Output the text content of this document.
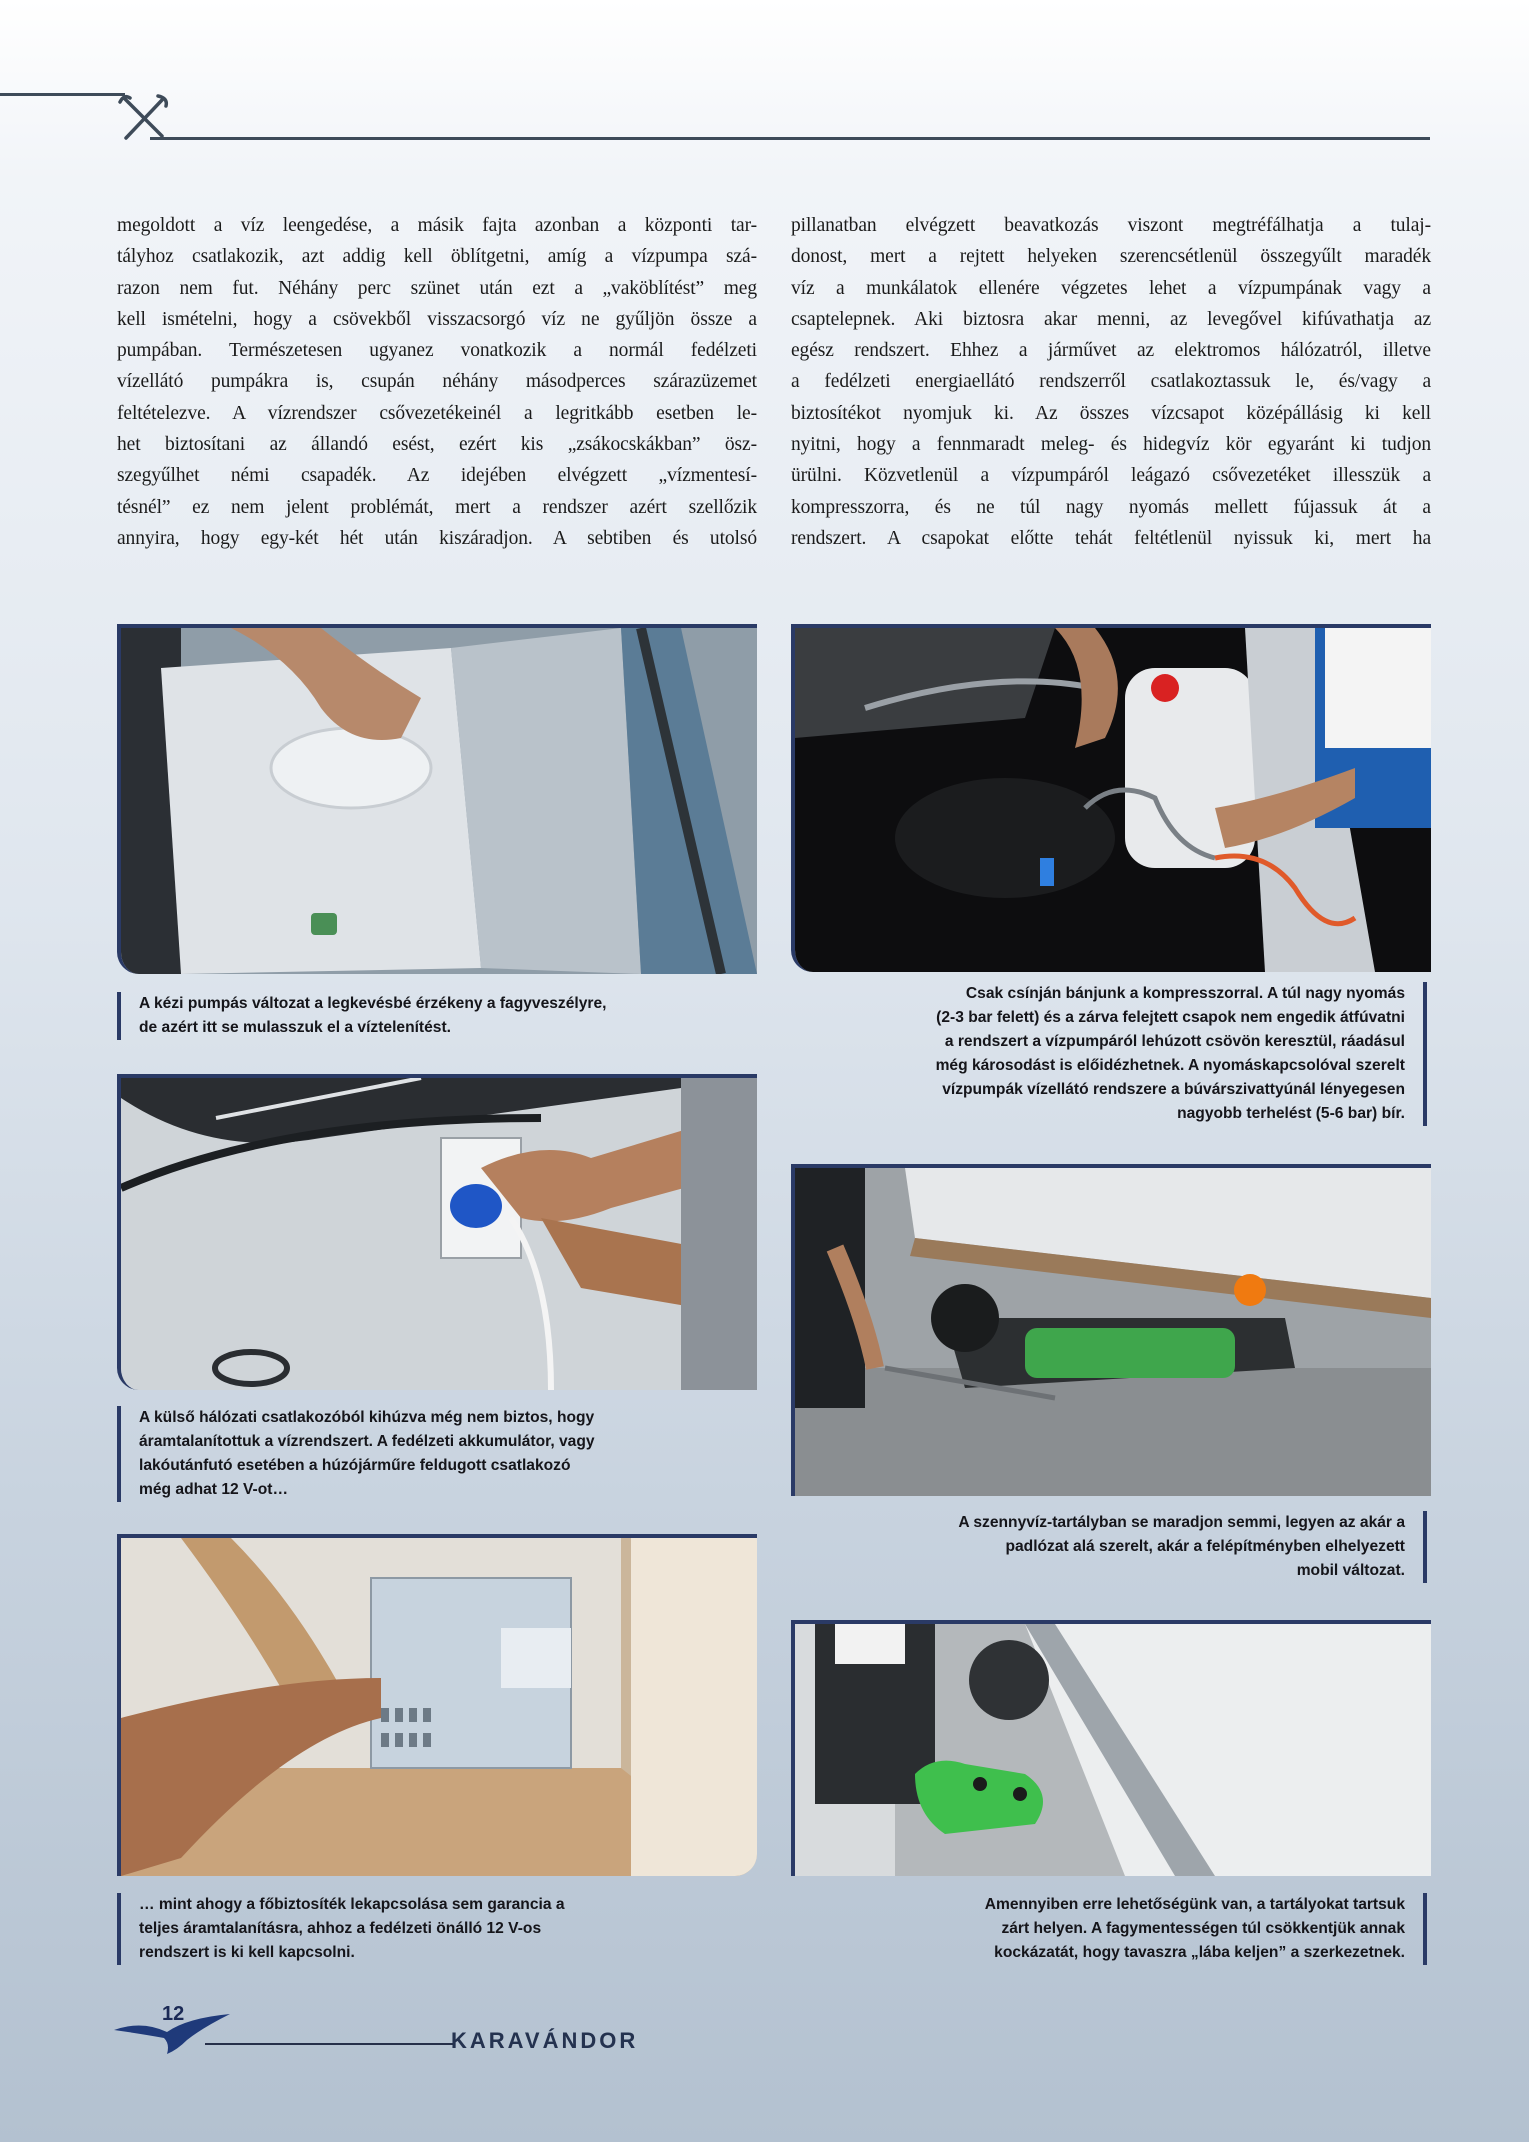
megoldott a víz leengedése, a másik fajta azonban a központi tar-
tályhoz csatlakozik, azt addig kell öblítgetni, amíg a vízpumpa szá-
razon nem fut. Néhány perc szünet után ezt a „vaköblítést” meg
kell ismételni, hogy a csövekből visszacsorgó víz ne gyűljön össze a
pumpában. Természetesen ugyanez vonatkozik a normál fedélzeti
vízellátó pumpákra is, csupán néhány másodperces szárazüzemet
feltételezve. A vízrendszer csővezetékeinél a legritkább esetben le-
het biztosítani az állandó esést, ezért kis „zsákocskákban” ösz-
szegyűlhet némi csapadék. Az idejében elvégzett „vízmentesí-
tésnél” ez nem jelent problémát, mert a rendszer azért szellőzik
annyira, hogy egy-két hét után kiszáradjon. A sebtiben és utolsó
pillanatban elvégzett beavatkozás viszont megtréfálhatja a tulaj-
donost, mert a rejtett helyeken szerencsétlenül összegyűlt maradék
víz a munkálatok ellenére végzetes lehet a vízpumpának vagy a
csaptelepnek. Aki biztosra akar menni, az levegővel kifúvathatja az
egész rendszert. Ehhez a járművet az elektromos hálózatról, illetve
a fedélzeti energiaellátó rendszerről csatlakoztassuk le, és/vagy a
biztosítékot nyomjuk ki. Az összes vízcsapot középállásig ki kell
nyitni, hogy a fennmaradt meleg- és hidegvíz kör egyaránt ki tudjon
ürülni. Közvetlenül a vízpumpáról leágazó csővezetéket illesszük a
kompresszorra, és ne túl nagy nyomás mellett fújassuk át a
rendszert. A csapokat előtte tehát feltétlenül nyissuk ki, mert ha
A kézi pumpás változat a legkevésbé érzékeny a fagyveszélyre,
de azért itt se mulasszuk el a víztelenítést.
Csak csínján bánjunk a kompresszorral. A túl nagy nyomás
(2-3 bar felett) és a zárva felejtett csapok nem engedik átfúvatni
a rendszert a vízpumpáról lehúzott csövön keresztül, ráadásul
még károsodást is előidézhetnek. A nyomáskapcsolóval szerelt
vízpumpák vízellátó rendszere a búvárszivattyúnál lényegesen
nagyobb terhelést (5-6 bar) bír.
A külső hálózati csatlakozóból kihúzva még nem biztos, hogy
áramtalanítottuk a vízrendszert. A fedélzeti akkumulátor, vagy
lakóutánfutó esetében a húzójárműre feldugott csatlakozó
még adhat 12 V-ot…
A szennyvíz-tartályban se maradjon semmi, legyen az akár a
padlózat alá szerelt, akár a felépítményben elhelyezett
mobil változat.
… mint ahogy a főbiztosíték lekapcsolása sem garancia a
teljes áramtalanításra, ahhoz a fedélzeti önálló 12 V-os
rendszert is ki kell kapcsolni.
Amennyiben erre lehetőségünk van, a tartályokat tartsuk
zárt helyen. A fagymentességen túl csökkentjük annak
kockázatát, hogy tavaszra „lába keljen” a szerkezetnek.
12
KARAVÁNDOR
